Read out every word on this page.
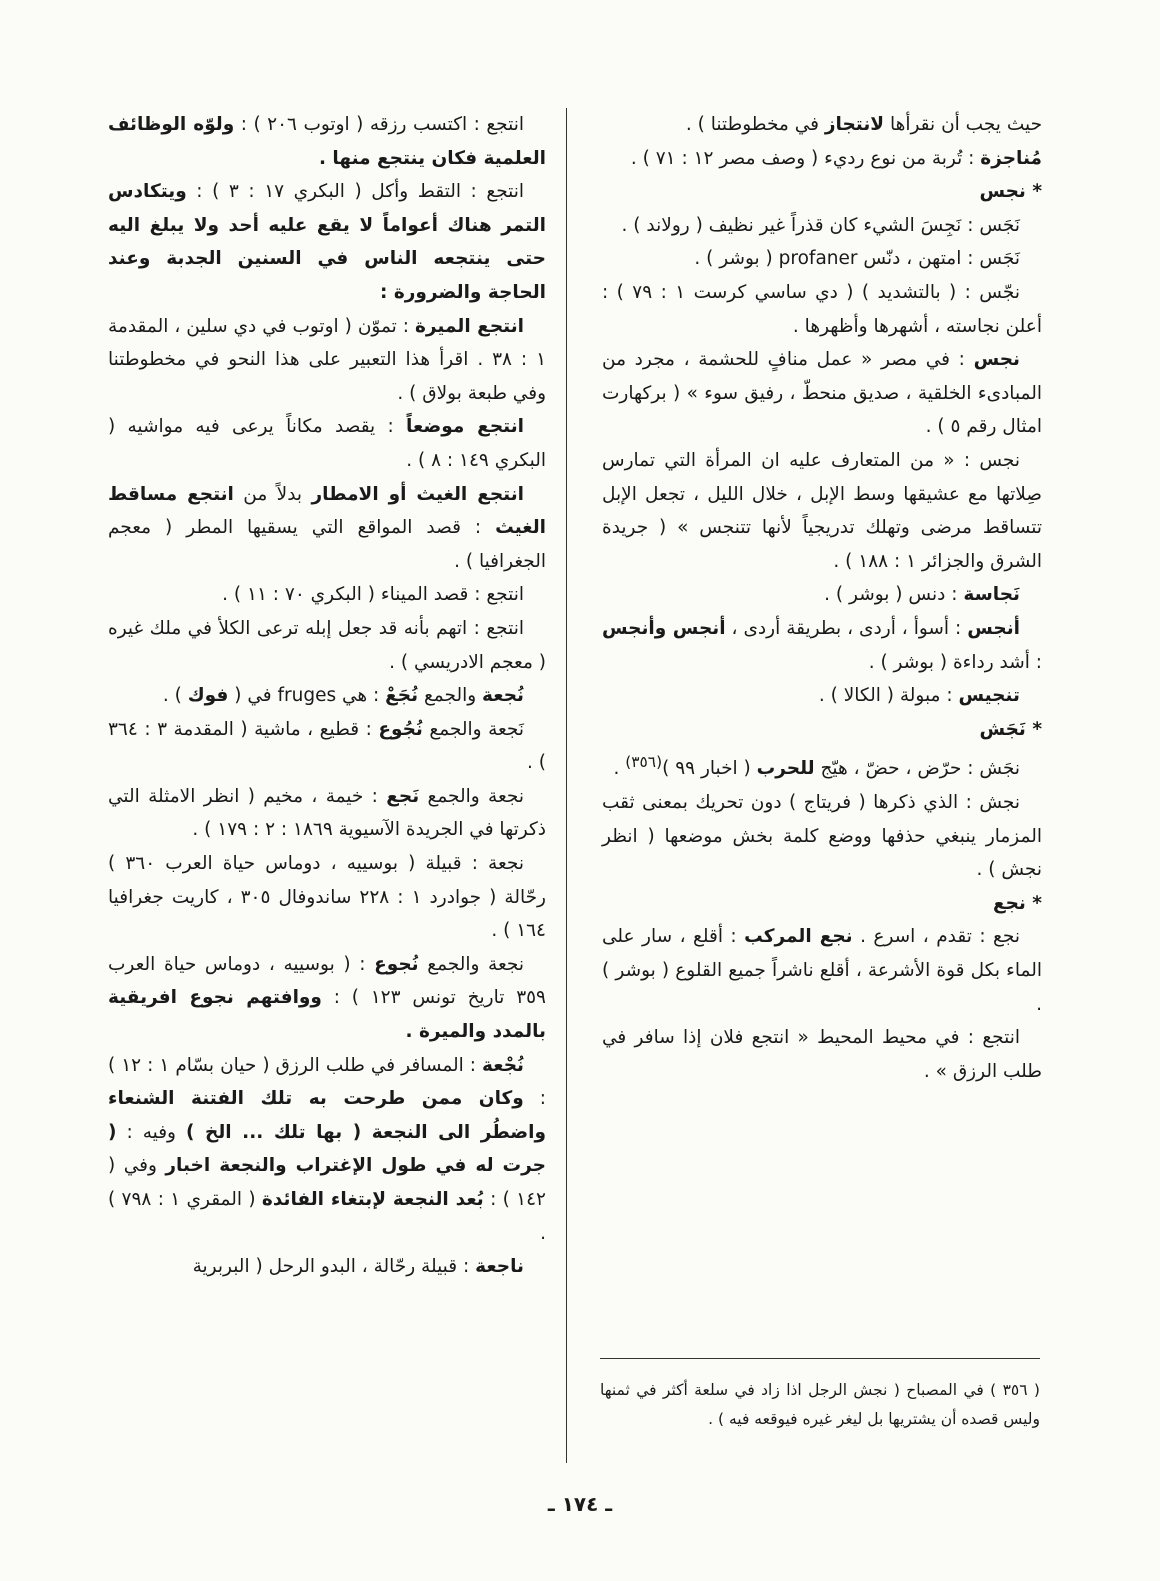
حيث يجب أن نقرأها لانتجاز في مخطوطتنا ) .

مُناجزة : تُربة من نوع رديء ( وصف مصر ١٢ : ٧١ ) .

* نجس

نَجَس : نَجِسَ الشيء كان قذراً غير نظيف ( رولاند ) .

نَجَس : امتهن ، دنّس profaner ( بوشر ) .

نجّس : ( بالتشديد ) ( دي ساسي كرست ١ : ٧٩ ) : أعلن نجاسته ، أشهرها وأظهرها .

نجس : في مصر « عمل منافٍ للحشمة ، مجرد من المبادىء الخلقية ، صديق منحطّ ، رفيق سوء » ( بركهارت امثال رقم ٥ ) .

نجس : « من المتعارف عليه ان المرأة التي تمارس صِلاتها مع عشيقها وسط الإبل ، خلال الليل ، تجعل الإبل تتساقط مرضى وتهلك تدريجياً لأنها تتنجس » ( جريدة الشرق والجزائر ١ : ١٨٨ ) .

نَجاسة : دنس ( بوشر ) .

أنجس : أسوأ ، أردى ، بطريقة أردى ، أنجس وأنجس : أشد رداءة ( بوشر ) .

تنجيس : مبولة ( الكالا ) .

* نَجَش

نجَش : حرّض ، حضّ ، هيّج للحرب ( اخبار ٩٩ )$^{(٣٥٦)}$ .

نجش : الذي ذكرها ( فريتاج ) دون تحريك بمعنى ثقب المزمار ينبغي حذفها ووضع كلمة بخش موضعها ( انظر نجش ) .

* نجع

نجع : تقدم ، اسرع . نجع المركب : أقلع ، سار على الماء بكل قوة الأشرعة ، أقلع ناشراً جميع القلوع ( بوشر ) .

انتجع : في محيط المحيط « انتجع فلان إذا سافر في طلب الرزق » .

انتجع : اكتسب رزقه ( اوتوب ٢٠٦ ) : ولوّه الوظائف العلمية فكان ينتجع منها .

انتجع : التقط وأكل ( البكري ١٧ : ٣ ) : ويتكادس التمر هناك أعواماً لا يقع عليه أحد ولا يبلغ اليه حتى ينتجعه الناس في السنين الجدبة وعند الحاجة والضرورة :

انتجع الميرة : تموّن ( اوتوب في دي سلين ، المقدمة ١ : ٣٨ . اقرأ هذا التعبير على هذا النحو في مخطوطتنا وفي طبعة بولاق ) .

انتجع موضعاً : يقصد مكاناً يرعى فيه مواشيه ( البكري ١٤٩ : ٨ ) .

انتجع الغيث أو الامطار بدلاً من انتجع مساقط الغيث : قصد المواقع التي يسقيها المطر ( معجم الجغرافيا ) .

انتجع : قصد الميناء ( البكري ٧٠ : ١١ ) .

انتجع : اتهم بأنه قد جعل إبله ترعى الكلأ في ملك غيره ( معجم الادريسي ) .

نُجعة والجمع نُجَعْ : هي fruges في ( فوك ) .

نَجعة والجمع نُجُوع : قطيع ، ماشية ( المقدمة ٣ : ٣٦٤ ) .

نجعة والجمع نَجع : خيمة ، مخيم ( انظر الامثلة التي ذكرتها في الجريدة الآسيوية ١٨٦٩ : ٢ : ١٧٩ ) .

نجعة : قبيلة ( بوسييه ، دوماس حياة العرب ٣٦٠ ) رحّالة ( جوادرد ١ : ٢٢٨ ساندوفال ٣٠٥ ، كاريت جغرافيا ١٦٤ ) .

نجعة والجمع نُجوع : ( بوسييه ، دوماس حياة العرب ٣٥٩ تاريخ تونس ١٢٣ ) : ووافتهم نجوع افريقية بالمدد والميرة .

نُجْعة : المسافر في طلب الرزق ( حيان بسّام ١ : ١٢ ) : وكان ممن طرحت به تلك الفتنة الشنعاء واضطُر الى النجعة ( بها تلك ... الخ ) وفيه : ( جرت له في طول الإغتراب والنجعة اخبار وفي ( ١٤٢ ) : بُعد النجعة لإبتغاء الفائدة ( المقري ١ : ٧٩٨ ) .

ناجعة : قبيلة رحّالة ، البدو الرحل ( البربرية

( ٣٥٦ ) في المصباح ( نجش الرجل اذا زاد في سلعة أكثر في ثمنها وليس قصده أن يشتريها بل ليغر غيره فيوقعه فيه ) .

ـ ١٧٤ ـ
